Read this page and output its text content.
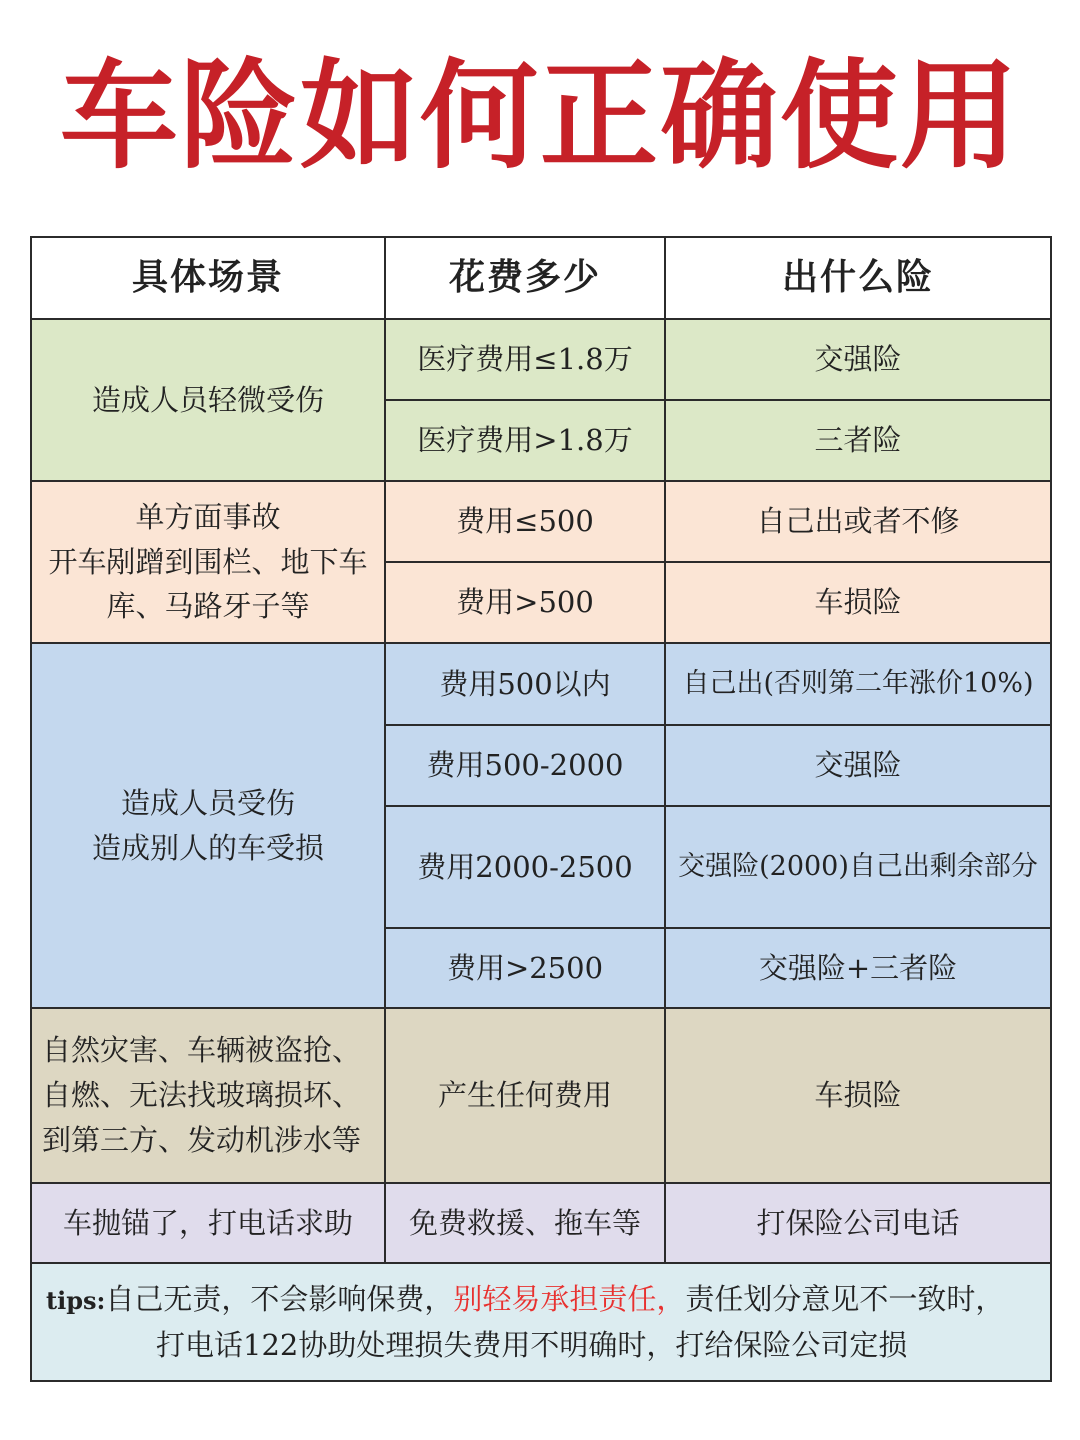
车险如何正确使用
具体场景	花费多少	出什么险

造成人员轻微受伤	医疗费用≤1.8万	交强险
	医疗费用>1.8万	三者险

单方面事故
开车剐蹭到围栏、地下车
库、马路牙子等	费用≤500	自己出或者不修
	费用>500	车损险

造成人员受伤
造成别人的车受损	费用500以内	自己出(否则第二年涨价10%)
	费用500-2000	交强险
	费用2000-2500	交强险(2000)自己出剩余部分
	费用>2500	交强险+三者险

自然灾害、车辆被盗抢、
自燃、无法找玻璃损坏、
到第三方、发动机涉水等	产生任何费用	车损险

车抛锚了，打电话求助	免费救援、拖车等	打保险公司电话

tips:自己无责，不会影响保费，别轻易承担责任，责任划分意见不一致时，
打电话122协助处理损失费用不明确时，打给保险公司定损		
